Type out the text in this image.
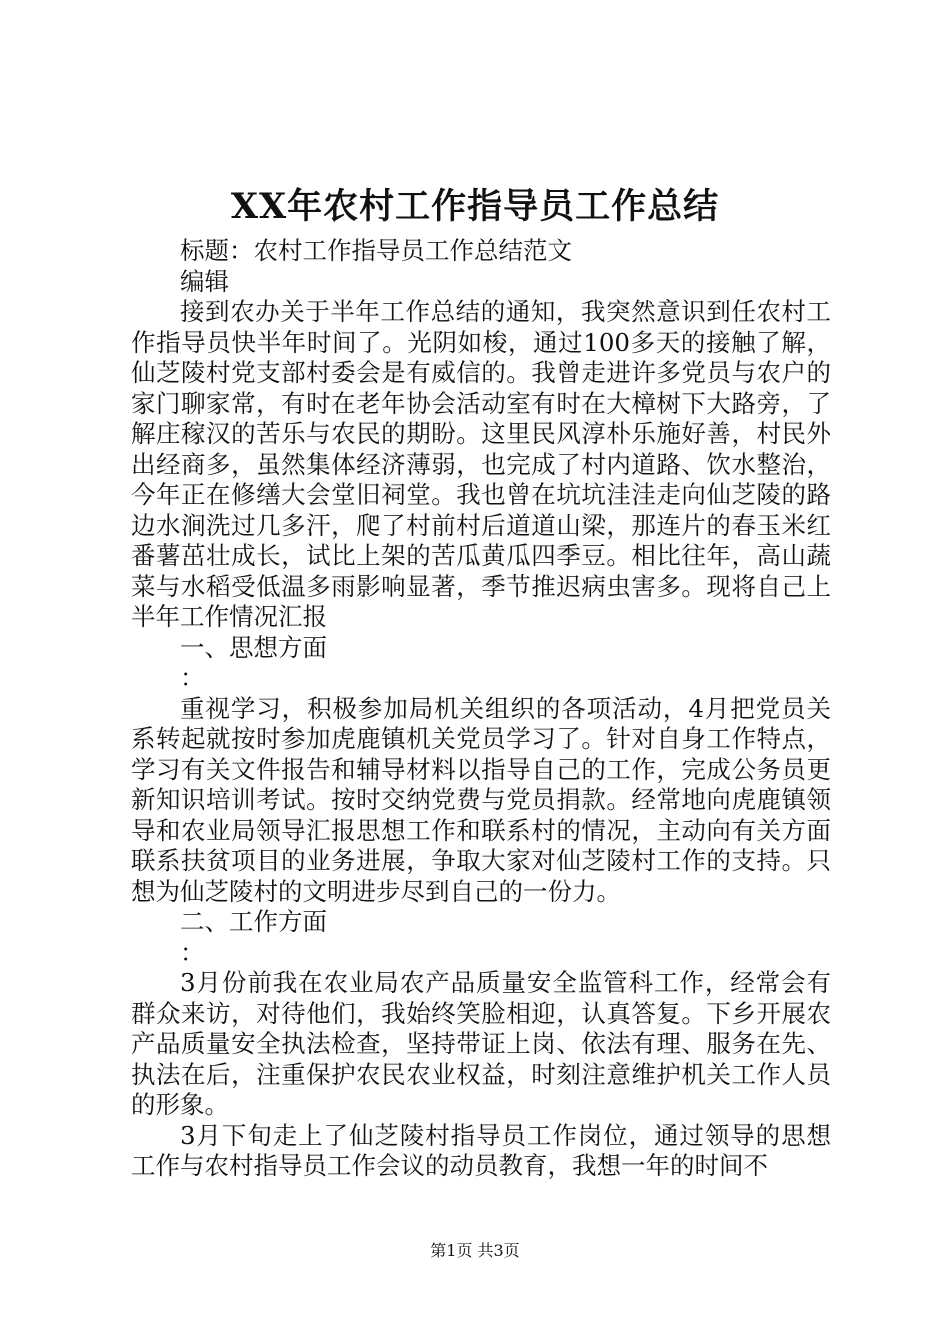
XX年农村工作指导员工作总结

标题：农村工作指导员工作总结范文

编辑

接到农办关于半年工作总结的通知，我突然意识到任农村工作指导员快半年时间了。光阴如梭，通过100多天的接触了解，仙芝陵村党支部村委会是有威信的。我曾走进许多党员与农户的家门聊家常，有时在老年协会活动室有时在大樟树下大路旁，了解庄稼汉的苦乐与农民的期盼。这里民风淳朴乐施好善，村民外出经商多，虽然集体经济薄弱，也完成了村内道路、饮水整治，今年正在修缮大会堂旧祠堂。我也曾在坑坑洼洼走向仙芝陵的路边水涧洗过几多汗，爬了村前村后道道山梁，那连片的春玉米红番薯茁壮成长，试比上架的苦瓜黄瓜四季豆。相比往年，高山蔬菜与水稻受低温多雨影响显著，季节推迟病虫害多。现将自己上半年工作情况汇报

一、思想方面

：

重视学习，积极参加局机关组织的各项活动，4月把党员关系转起就按时参加虎鹿镇机关党员学习了。针对自身工作特点，学习有关文件报告和辅导材料以指导自己的工作，完成公务员更新知识培训考试。按时交纳党费与党员捐款。经常地向虎鹿镇领导和农业局领导汇报思想工作和联系村的情况，主动向有关方面联系扶贫项目的业务进展，争取大家对仙芝陵村工作的支持。只想为仙芝陵村的文明进步尽到自己的一份力。

二、工作方面

：

3月份前我在农业局农产品质量安全监管科工作，经常会有群众来访，对待他们，我始终笑脸相迎，认真答复。下乡开展农产品质量安全执法检查，坚持带证上岗、依法有理、服务在先、执法在后，注重保护农民农业权益，时刻注意维护机关工作人员的形象。

3月下旬走上了仙芝陵村指导员工作岗位，通过领导的思想工作与农村指导员工作会议的动员教育，我想一年的时间不

第1页 共3页
